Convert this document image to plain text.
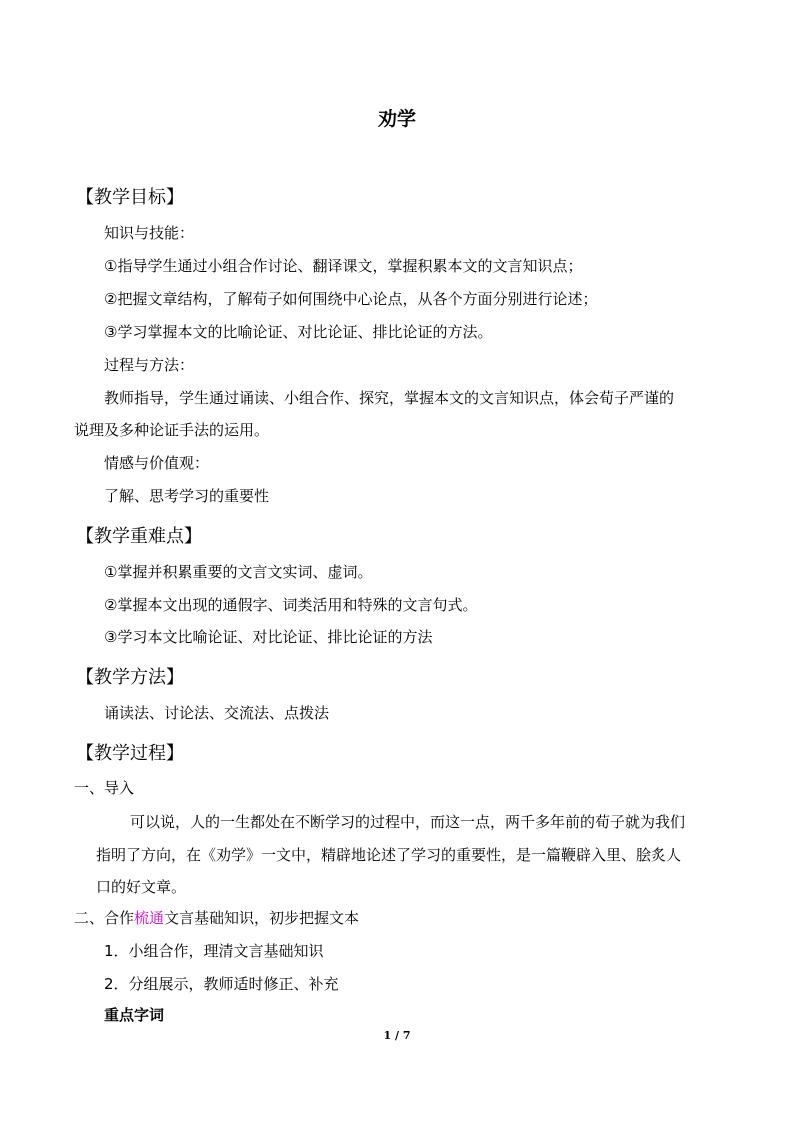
劝学
【教学目标】
知识与技能：
①指导学生通过小组合作讨论、翻译课文，掌握积累本文的文言知识点；
②把握文章结构，了解荀子如何围绕中心论点，从各个方面分别进行论述；
③学习掌握本文的比喻论证、对比论证、排比论证的方法。
过程与方法：
教师指导，学生通过诵读、小组合作、探究，掌握本文的文言知识点，体会荀子严谨的
说理及多种论证手法的运用。
情感与价值观：
了解、思考学习的重要性
【教学重难点】
①掌握并积累重要的文言文实词、虚词。
②掌握本文出现的通假字、词类活用和特殊的文言句式。
③学习本文比喻论证、对比论证、排比论证的方法
【教学方法】
诵读法、讨论法、交流法、点拨法
【教学过程】
一、导入
可以说，人的一生都处在不断学习的过程中，而这一点，两千多年前的荀子就为我们
指明了方向，在《劝学》一文中，精辟地论述了学习的重要性，是一篇鞭辟入里、脍炙人
口的好文章。
二、合作梳通文言基础知识，初步把握文本
1．小组合作，理清文言基础知识
2．分组展示，教师适时修正、补充
重点字词
1 / 7
